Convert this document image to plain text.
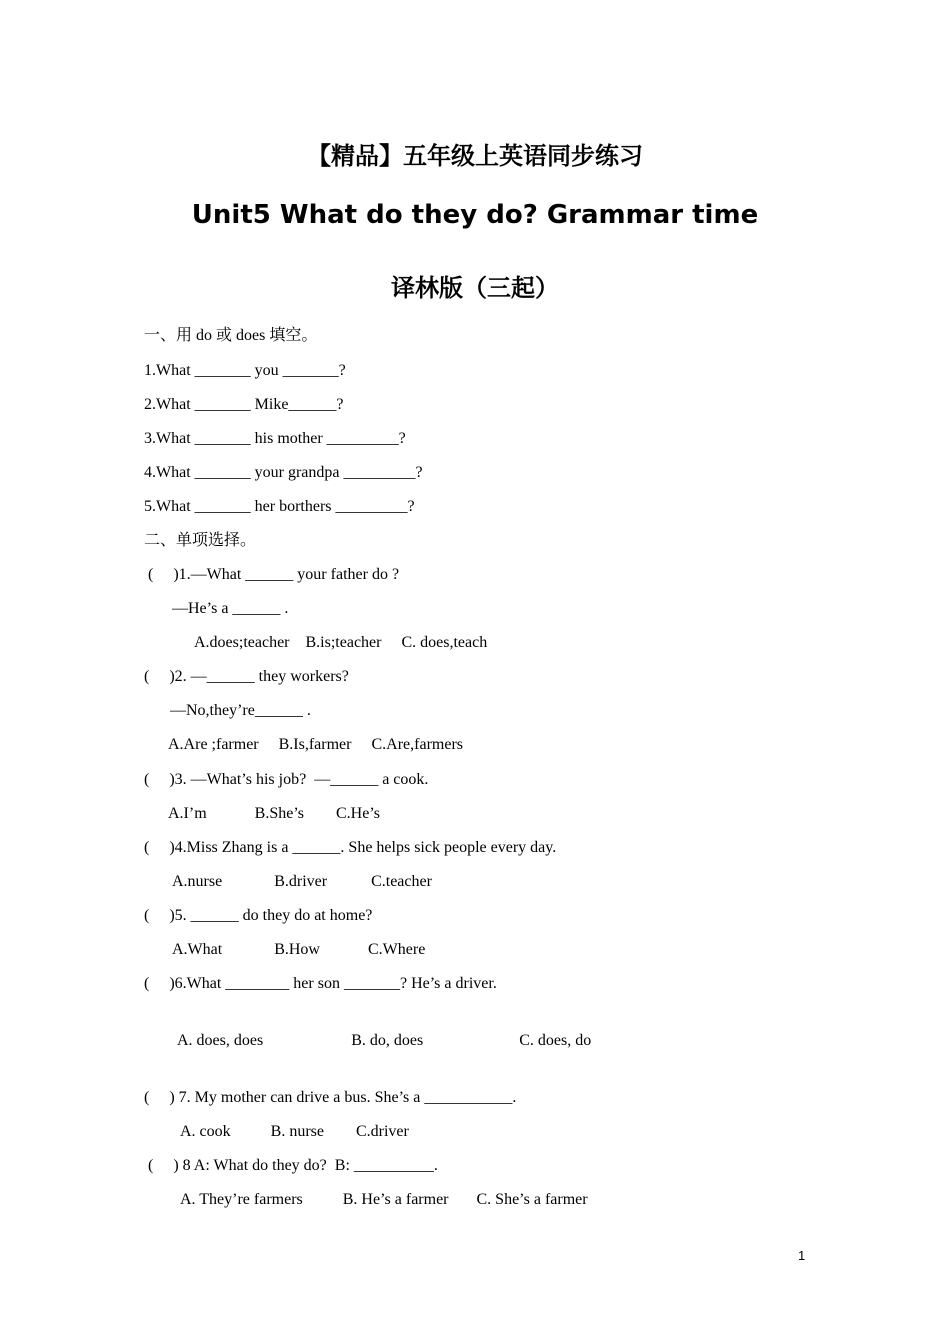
【精品】五年级上英语同步练习
Unit5 What do they do? Grammar time
译林版（三起）
一、用 do 或 does 填空。
1.What _______ you _______?
2.What _______ Mike______?
3.What _______ his mother _________?
4.What _______ your grandpa _________?
5.What _______ her borthers _________?
二、单项选择。
(     )1.—What ______ your father do ?
—He’s a ______ .
A.does;teacher    B.is;teacher     C. does,teach
(     )2. —______ they workers?
—No,they’re______ .
A.Are ;farmer     B.Is,farmer     C.Are,farmers
(     )3. —What’s his job?  —______ a cook.
A.I’m            B.She’s        C.He’s
(     )4.Miss Zhang is a ______. She helps sick people every day.
A.nurse             B.driver           C.teacher
(     )5. ______ do they do at home?
A.What             B.How            C.Where
(     )6.What ________ her son _______? He’s a driver.
A. does, does                      B. do, does                        C. does, do
(     ) 7. My mother can drive a bus. She’s a ___________.
A. cook          B. nurse        C.driver
(     ) 8 A: What do they do?  B: __________.
A. They’re farmers          B. He’s a farmer       C. She’s a farmer
1
